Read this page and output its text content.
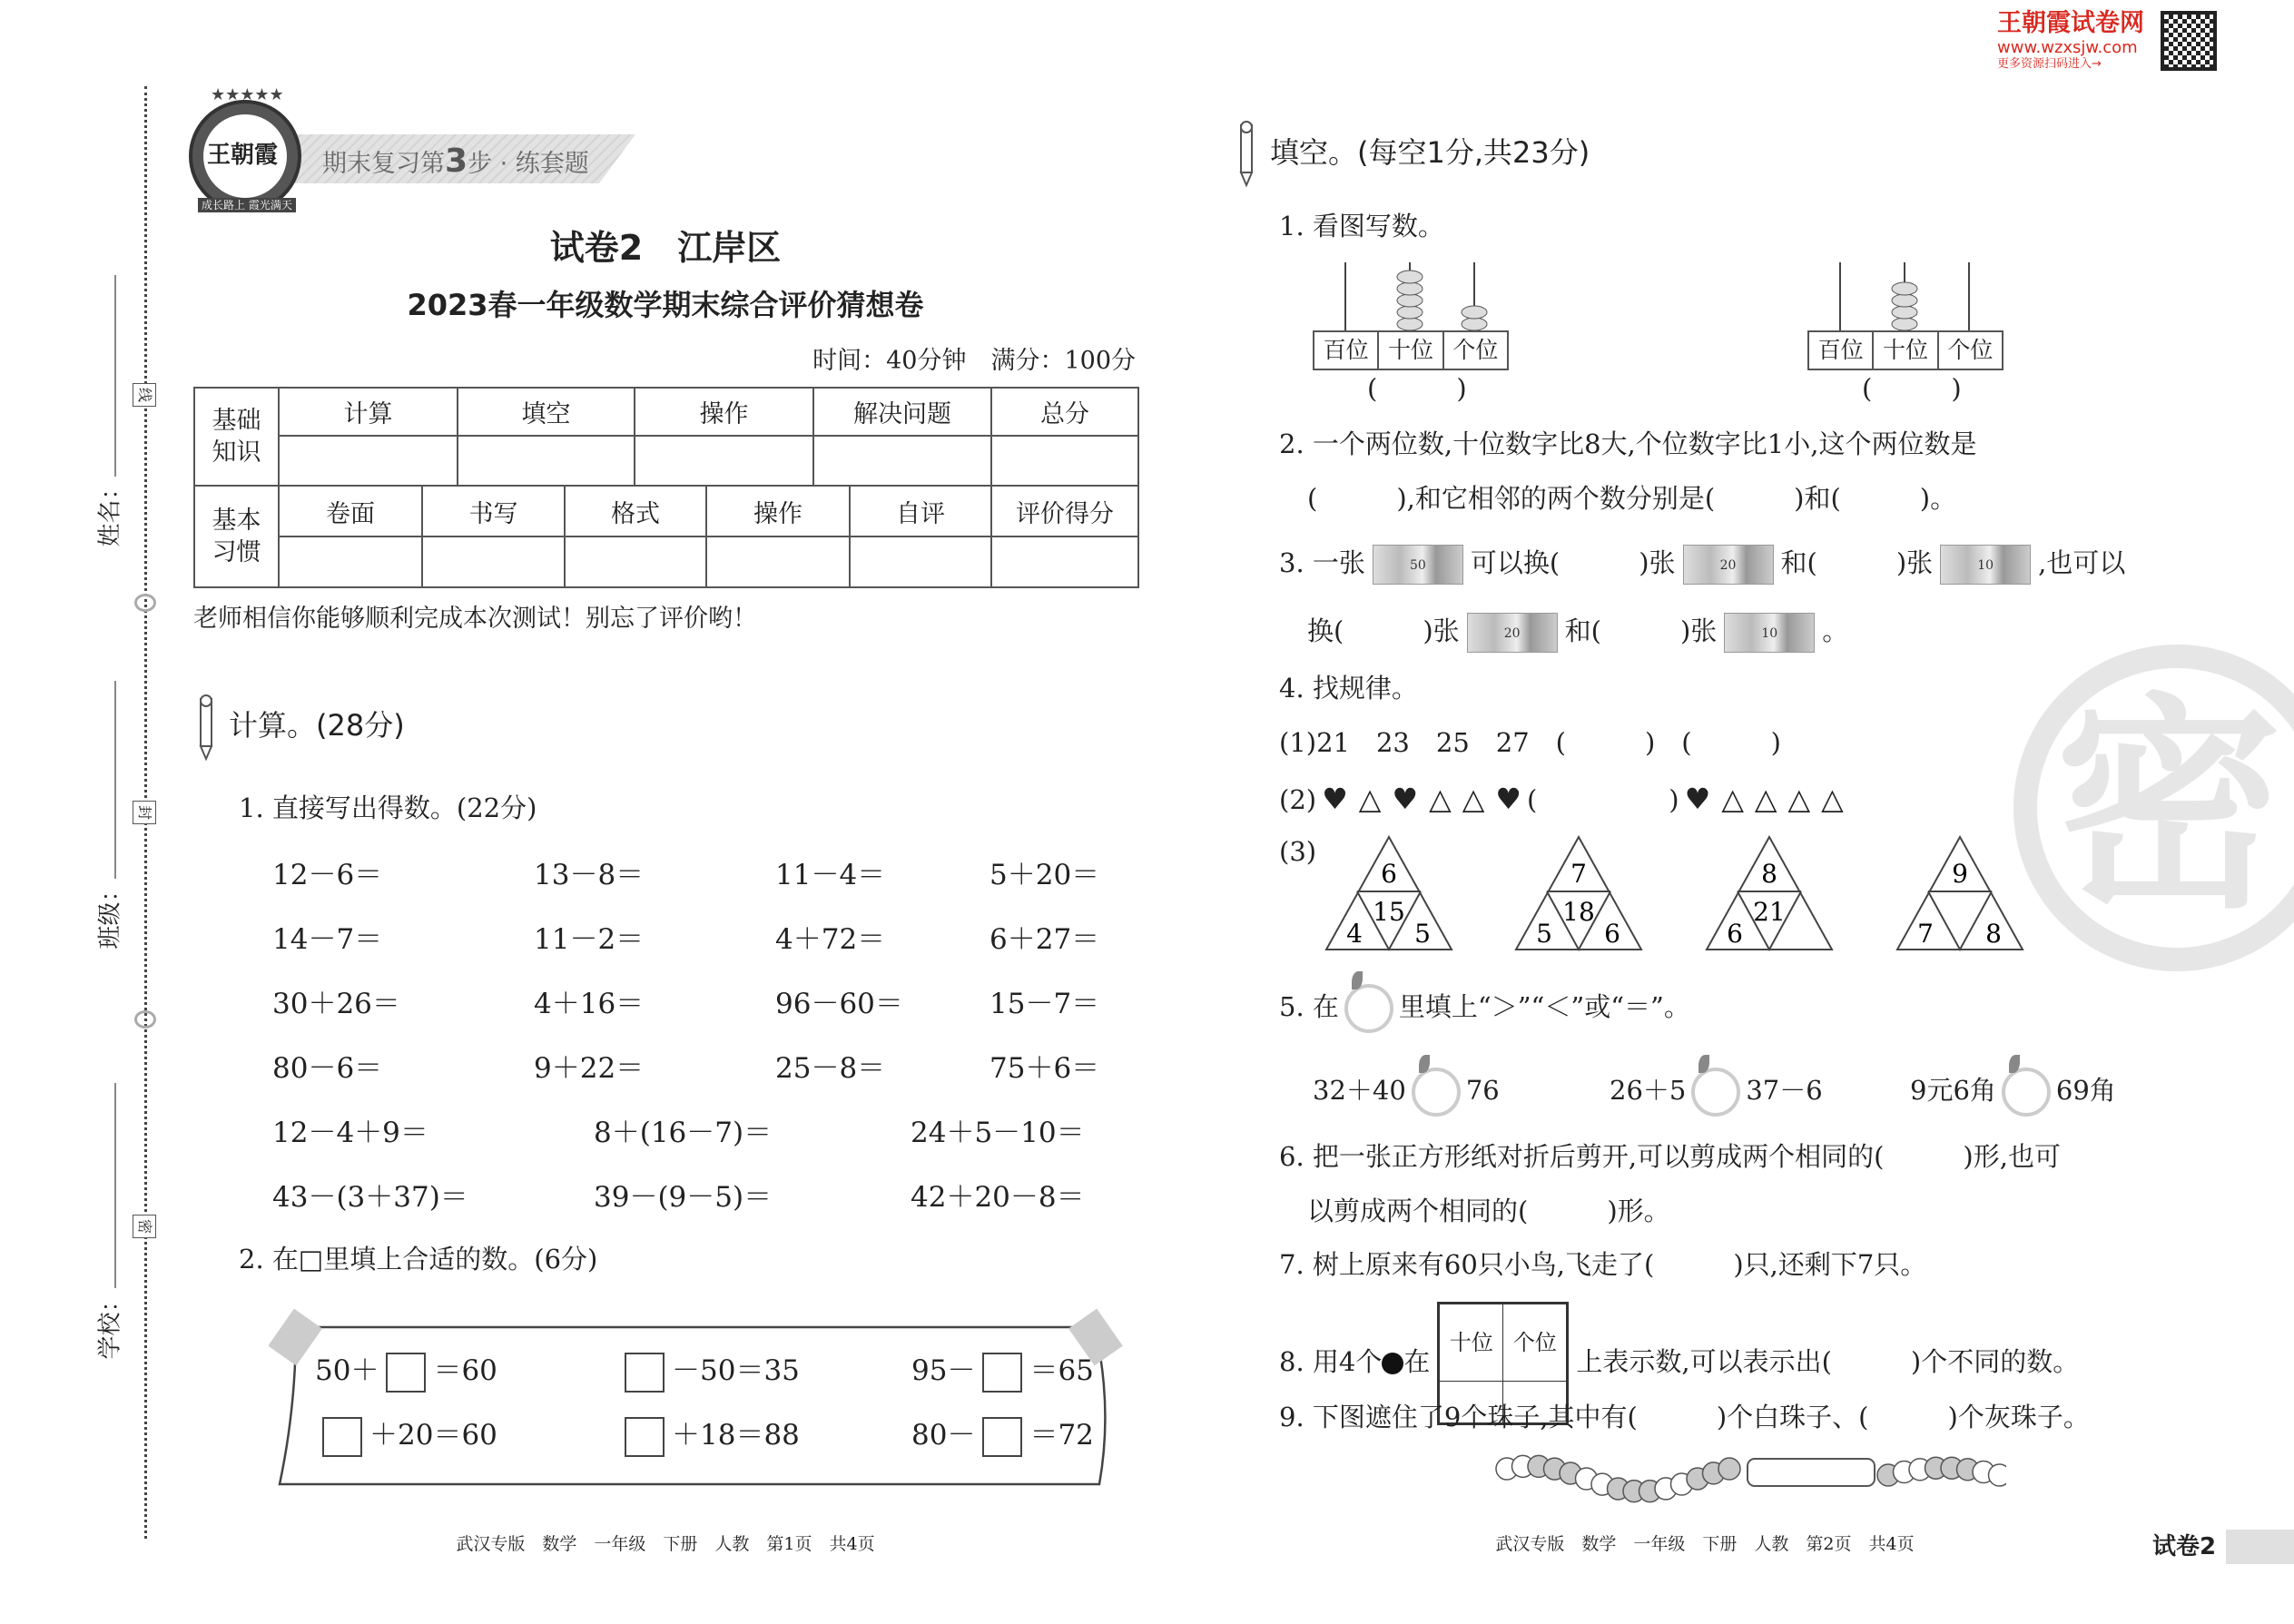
线
封
密
姓名：
班级：
学校：
期末复习第3步 · 练套题
王朝霞
★★★★★
成长路上 霞光满天
试卷2　江岸区
2023春一年级数学期末综合评价猜想卷
时间：40分钟　满分：100分
基础知识	计算	填空	操作	解决问题	总分

基本习惯	卷面	书写	格式	操作	自评	评价得分

老师相信你能够顺利完成本次测试！别忘了评价哟！
计算。(28分)
1. 直接写出得数。(22分)
12－6＝	13－8＝	11－4＝	5＋20＝
14－7＝	11－2＝	4＋72＝	6＋27＝
30＋26＝	4＋16＝	96－60＝	15－7＝
80－6＝	9＋22＝	25－8＝	75＋6＝
12－4＋9＝	8＋(16－7)＝	24＋5－10＝
43－(3＋37)＝	39－(9－5)＝	42＋20－8＝
2. 在□里填上合适的数。(6分)
50＋ ＝60	－50＝35	95－ ＝65
＋20＝60	＋18＝88	80－ ＝72
武汉专版　数学　一年级　下册　人教　第1页　共4页
王朝霞试卷网
www.wzxsjw.com
更多资源扫码进入→
密
填空。(每空1分,共23分)
1. 看图写数。
百位 十位 个位
(　　　)
百位 十位 个位
(　　　)
2. 一个两位数,十位数字比8大,个位数字比1小,这个两位数是
(　　　),和它相邻的两个数分别是(　　　)和(　　　)。
3. 一张	50 可以换(　　　)张	20 和(　　　)张	10 ,也可以
换(　　　)张	20 和(　　　)张	10 。
4. 找规律。
(1)21　23　25　27　(　　　)　(　　　)
(2) ♥ △ ♥ △ △ ♥ (　　　　　) ♥ △ △ △ △
(3)
6
15
4 5
7
18
5 6
8
21
6
9
7 8
5. 在 里填上“＞”“＜”或“＝”。
32＋40 76	26＋5 37－6	9元6角 69角
6. 把一张正方形纸对折后剪开,可以剪成两个相同的(　　　)形,也可
以剪成两个相同的(　　　)形。
7. 树上原来有60只小鸟,飞走了(　　　)只,还剩下7只。
8. 用4个 在
十位	个位

上表示数,可以表示出(　　　)个不同的数。
9. 下图遮住了9个珠子,其中有(　　　)个白珠子、(　　　)个灰珠子。
武汉专版　数学　一年级　下册　人教　第2页　共4页	试卷2
